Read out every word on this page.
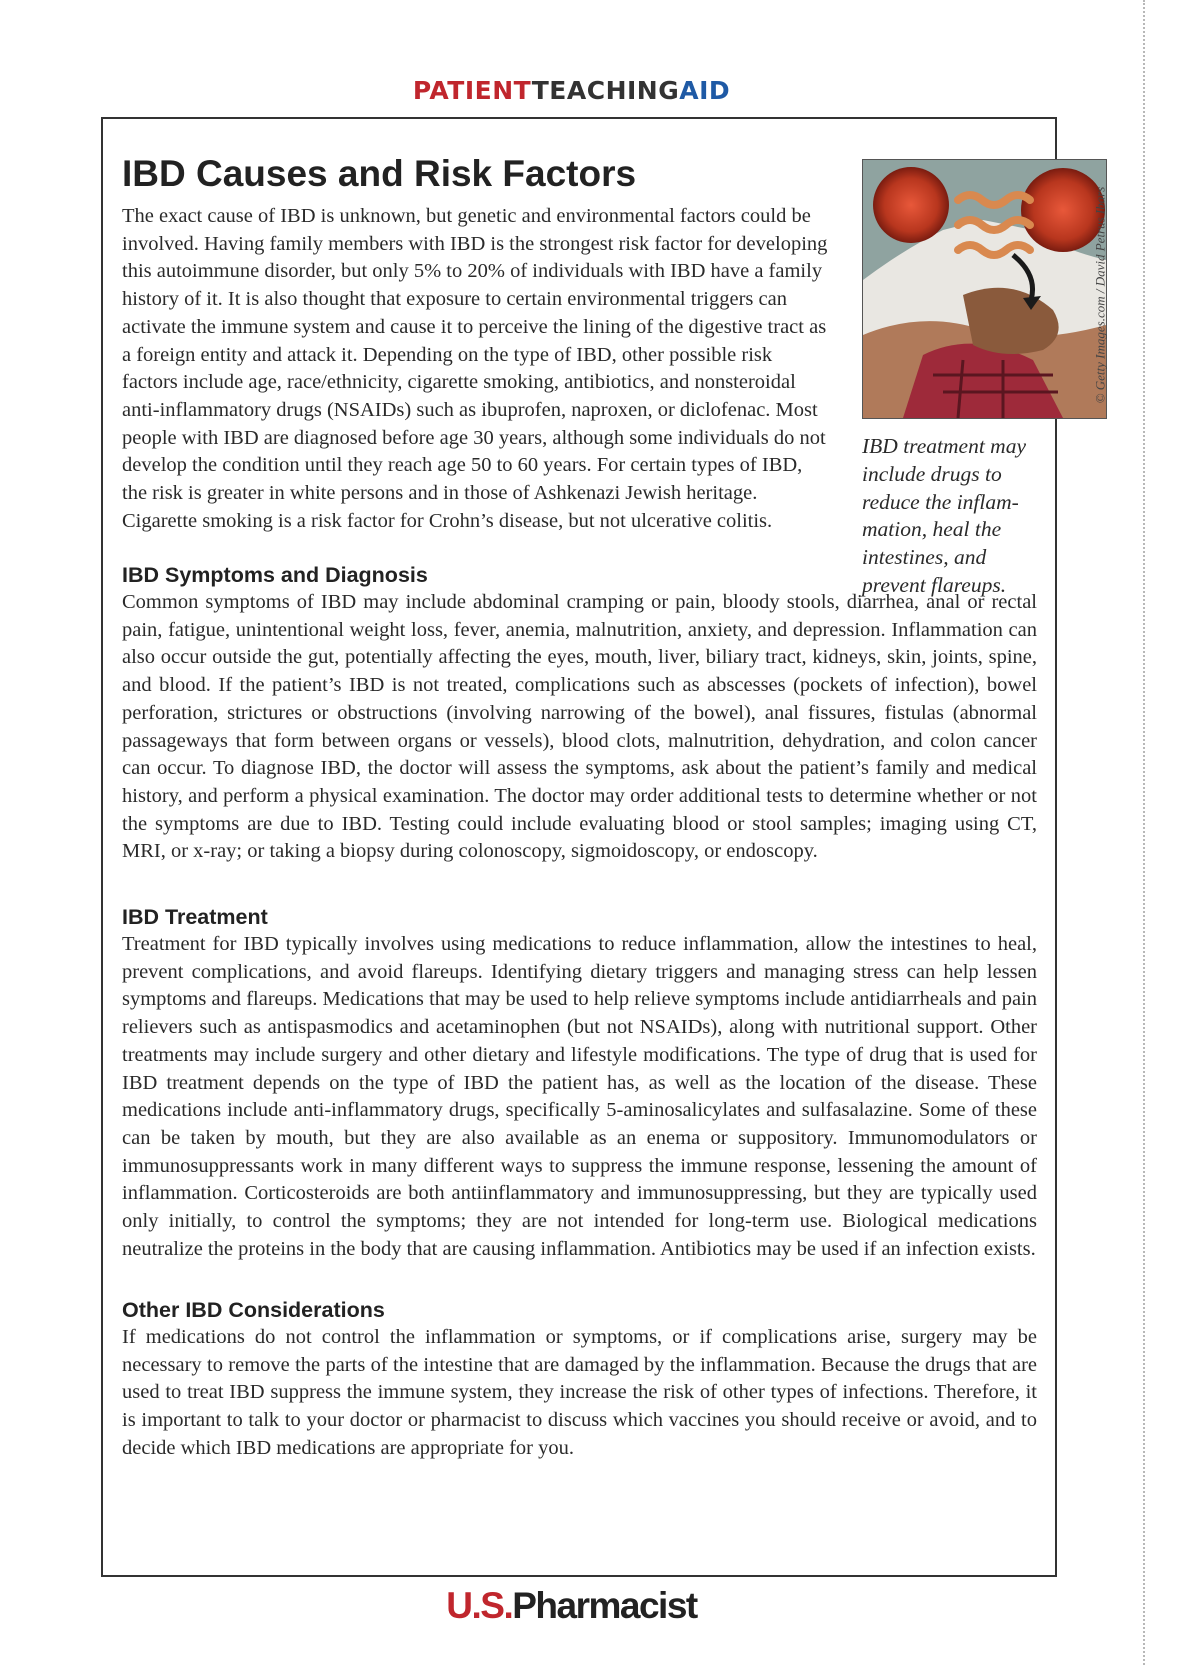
PATIENTTEACHINGAID
IBD Causes and Risk Factors

The exact cause of IBD is unknown, but genetic and environmental factors could be involved. Having family members with IBD is the strongest risk factor for developing this autoimmune disorder, but only 5% to 20% of individuals with IBD have a family history of it. It is also thought that exposure to certain environmental triggers can activate the immune system and cause it to perceive the lining of the digestive tract as a foreign entity and attack it. Depending on the type of IBD, other possible risk factors include age, race/ethnicity, cigarette smoking, antibiotics, and nonsteroidal anti-inflammatory drugs (NSAIDs) such as ibuprofen, naproxen, or diclofenac. Most people with IBD are diagnosed before age 30 years, although some individuals do not develop the condition until they reach age 50 to 60 years. For certain types of IBD, the risk is greater in white persons and in those of Ashkenazi Jewish heritage. Cigarette smoking is a risk factor for Crohn’s disease, but not ulcerative colitis.

© Getty Images.com / David Petrus Ibars
IBD treatment may include drugs to reduce the inflammation, heal the intestines, and prevent flareups.
IBD Symptoms and Diagnosis

Common symptoms of IBD may include abdominal cramping or pain, bloody stools, diarrhea, anal or rectal pain, fatigue, unintentional weight loss, fever, anemia, malnutrition, anxiety, and depression. Inflammation can also occur outside the gut, potentially affecting the eyes, mouth, liver, biliary tract, kidneys, skin, joints, spine, and blood. If the patient’s IBD is not treated, complications such as abscesses (pockets of infection), bowel perforation, strictures or obstructions (involving narrowing of the bowel), anal fissures, fistulas (abnormal passageways that form between organs or vessels), blood clots, malnutrition, dehydration, and colon cancer can occur. To diagnose IBD, the doctor will assess the symptoms, ask about the patient’s family and medical history, and perform a physical examination. The doctor may order additional tests to determine whether or not the symptoms are due to IBD. Testing could include evaluating blood or stool samples; imaging using CT, MRI, or x-ray; or taking a biopsy during colonoscopy, sigmoidoscopy, or endoscopy.

IBD Treatment

Treatment for IBD typically involves using medications to reduce inflammation, allow the intestines to heal, prevent complications, and avoid flareups. Identifying dietary triggers and managing stress can help lessen symptoms and flareups. Medications that may be used to help relieve symptoms include antidiarrheals and pain relievers such as antispasmodics and acetaminophen (but not NSAIDs), along with nutritional support. Other treatments may include surgery and other dietary and lifestyle modifications. The type of drug that is used for IBD treatment depends on the type of IBD the patient has, as well as the location of the disease. These medications include anti-inflammatory drugs, specifically 5-aminosalicylates and sulfasalazine. Some of these can be taken by mouth, but they are also available as an enema or suppository. Immunomodulators or immunosuppressants work in many different ways to suppress the immune response, lessening the amount of inflammation. Corticosteroids are both antiinflammatory and immunosuppressing, but they are typically used only initially, to control the symptoms; they are not intended for long-term use. Biological medications neutralize the proteins in the body that are causing inflammation. Antibiotics may be used if an infection exists.

Other IBD Considerations

If medications do not control the inflammation or symptoms, or if complications arise, surgery may be necessary to remove the parts of the intestine that are damaged by the inflammation. Because the drugs that are used to treat IBD suppress the immune system, they increase the risk of other types of infections. Therefore, it is important to talk to your doctor or pharmacist to discuss which vaccines you should receive or avoid, and to decide which IBD medications are appropriate for you.

U.S.Pharmacist
